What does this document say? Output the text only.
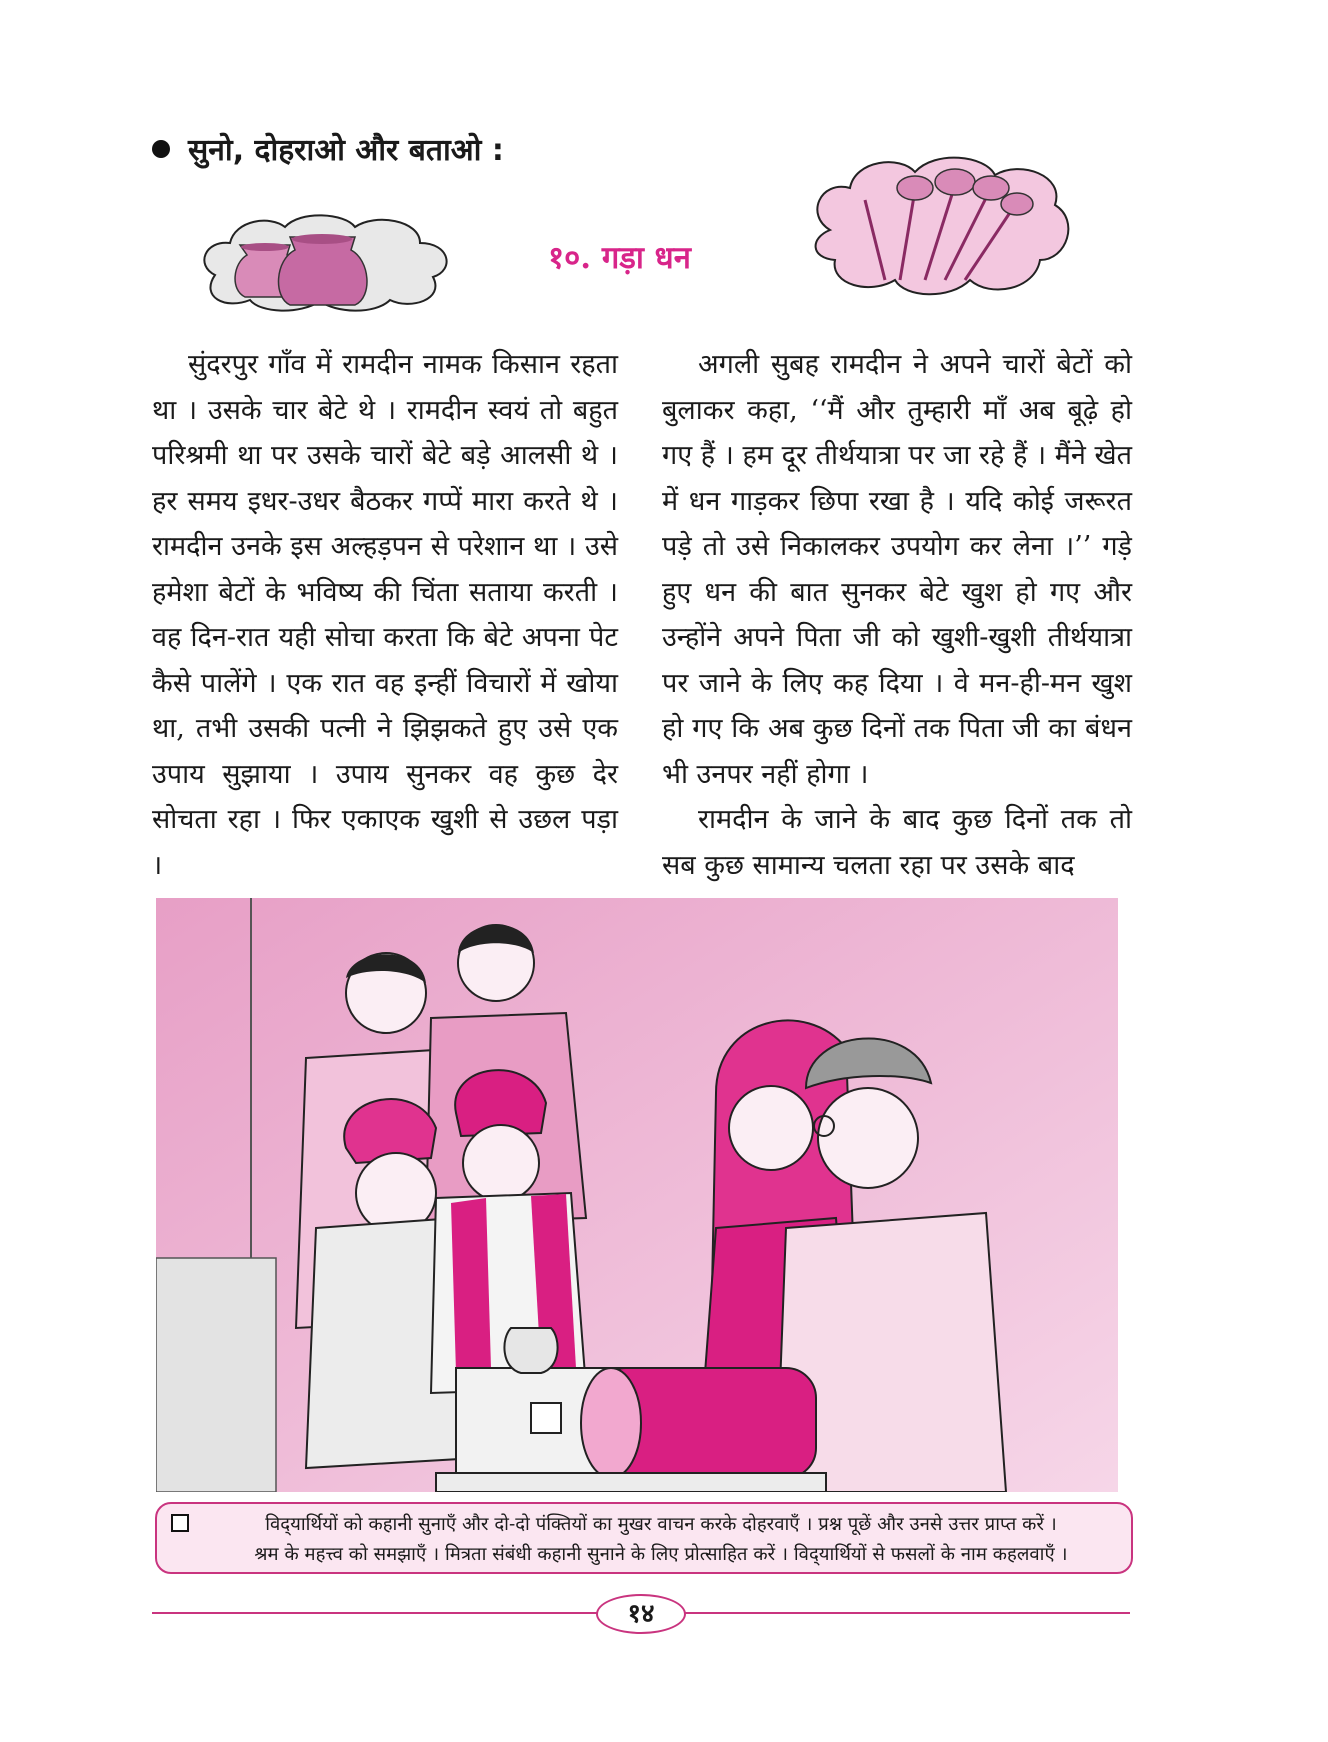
सुनो, दोहराओ और बताओ :
१०. गड़ा धन

सुंदरपुर गाँव में रामदीन नामक किसान रहता था । उसके चार बेटे थे । रामदीन स्वयं तो बहुत परिश्रमी था पर उसके चारों बेटे बड़े आलसी थे । हर समय इधर-उधर बैठकर गप्पें मारा करते थे । रामदीन उनके इस अल्हड़पन से परेशान था । उसे हमेशा बेटों के भविष्य की चिंता सताया करती । वह दिन-रात यही सोचा करता कि बेटे अपना पेट कैसे पालेंगे । एक रात वह इन्हीं विचारों में खोया था, तभी उसकी पत्नी ने झिझकते हुए उसे एक उपाय सुझाया । उपाय सुनकर वह कुछ देर सोचता रहा । फिर एकाएक खुशी से उछल पड़ा ।

अगली सुबह रामदीन ने अपने चारों बेटों को बुलाकर कहा, ‘‘मैं और तुम्हारी माँ अब बूढ़े हो गए हैं । हम दूर तीर्थयात्रा पर जा रहे हैं । मैंने खेत में धन गाड़कर छिपा रखा है । यदि कोई जरूरत पड़े तो उसे निकालकर उपयोग कर लेना ।’’ गड़े हुए धन की बात सुनकर बेटे खुश हो गए और उन्होंने अपने पिता जी को खुशी-खुशी तीर्थयात्रा पर जाने के लिए कह दिया । वे मन-ही-मन खुश हो गए कि अब कुछ दिनों तक पिता जी का बंधन भी उनपर नहीं होगा ।

रामदीन के जाने के बाद कुछ दिनों तक तो सब कुछ सामान्य चलता रहा पर उसके बाद

विद्‌यार्थियों को कहानी सुनाएँ और दो-दो पंक्तियों का मुखर वाचन करके दोहरवाएँ । प्रश्न पूछें और उनसे उत्तर प्राप्त करें ।
श्रम के महत्त्व को समझाएँ । मित्रता संबंधी कहानी सुनाने के लिए प्रोत्साहित करें । विद्‌यार्थियों से फसलों के नाम कहलवाएँ ।
१४
